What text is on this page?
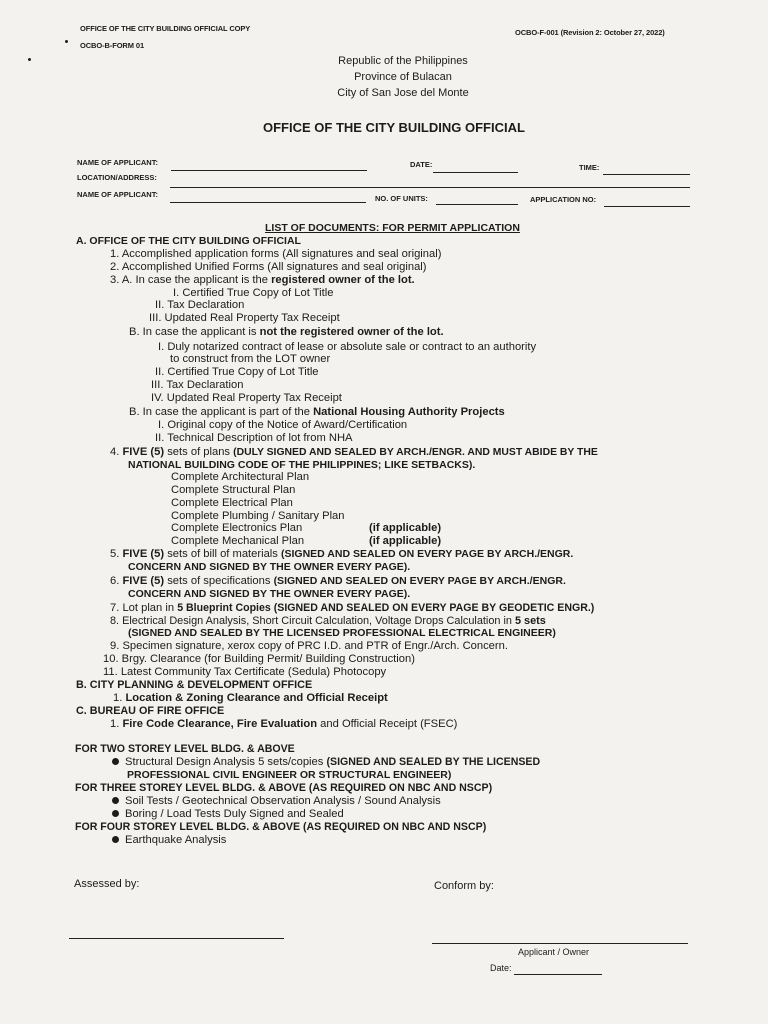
OFFICE OF THE CITY BUILDING OFFICIAL COPY
OCBO-B-FORM 01
OCBO-F-001 (Revision 2: October 27, 2022)
Republic of the Philippines
Province of Bulacan
City of San Jose del Monte
OFFICE OF THE CITY BUILDING OFFICIAL
NAME OF APPLICANT:	DATE:	TIME:
LOCATION/ADDRESS:
NAME OF APPLICANT:	NO. OF UNITS:	APPLICATION NO:
LIST OF DOCUMENTS: FOR PERMIT APPLICATION
A. OFFICE OF THE CITY BUILDING OFFICIAL
1. Accomplished application forms (All signatures and seal original)
2. Accomplished Unified Forms (All signatures and seal original)
3. A. In case the applicant is the registered owner of the lot.
I. Certified True Copy of Lot Title
II. Tax Declaration
III. Updated Real Property Tax Receipt
B. In case the applicant is not the registered owner of the lot.
I. Duly notarized contract of lease or absolute sale or contract to an authority
to construct from the LOT owner
II. Certified True Copy of Lot Title
III. Tax Declaration
IV. Updated Real Property Tax Receipt
B. In case the applicant is part of the National Housing Authority Projects
I. Original copy of the Notice of Award/Certification
II. Technical Description of lot from NHA
4. FIVE (5) sets of plans (DULY SIGNED AND SEALED BY ARCH./ENGR. AND MUST ABIDE BY THE
NATIONAL BUILDING CODE OF THE PHILIPPINES; LIKE SETBACKS).
Complete Architectural Plan
Complete Structural Plan
Complete Electrical Plan
Complete Plumbing / Sanitary Plan
Complete Electronics Plan	(if applicable)
Complete Mechanical Plan	(if applicable)
5. FIVE (5) sets of bill of materials (SIGNED AND SEALED ON EVERY PAGE BY ARCH./ENGR.
CONCERN AND SIGNED BY THE OWNER EVERY PAGE).
6. FIVE (5) sets of specifications (SIGNED AND SEALED ON EVERY PAGE BY ARCH./ENGR.
CONCERN AND SIGNED BY THE OWNER EVERY PAGE).
7. Lot plan in 5 Blueprint Copies (SIGNED AND SEALED ON EVERY PAGE BY GEODETIC ENGR.)
8. Electrical Design Analysis, Short Circuit Calculation, Voltage Drops Calculation in 5 sets
(SIGNED AND SEALED BY THE LICENSED PROFESSIONAL ELECTRICAL ENGINEER)
9. Specimen signature, xerox copy of PRC I.D. and PTR of Engr./Arch. Concern.
10. Brgy. Clearance (for Building Permit/ Building Construction)
11. Latest Community Tax Certificate (Sedula) Photocopy
B. CITY PLANNING & DEVELOPMENT OFFICE
1. Location & Zoning Clearance and Official Receipt
C. BUREAU OF FIRE OFFICE
1. Fire Code Clearance, Fire Evaluation and Official Receipt (FSEC)
FOR TWO STOREY LEVEL BLDG. & ABOVE
Structural Design Analysis 5 sets/copies (SIGNED AND SEALED BY THE LICENSED
PROFESSIONAL CIVIL ENGINEER OR STRUCTURAL ENGINEER)
FOR THREE STOREY LEVEL BLDG. & ABOVE (AS REQUIRED ON NBC AND NSCP)
Soil Tests / Geotechnical Observation Analysis / Sound Analysis
Boring / Load Tests Duly Signed and Sealed
FOR FOUR STOREY LEVEL BLDG. & ABOVE (AS REQUIRED ON NBC AND NSCP)
Earthquake Analysis
Assessed by:	Conform by:
Applicant / Owner
Date:
